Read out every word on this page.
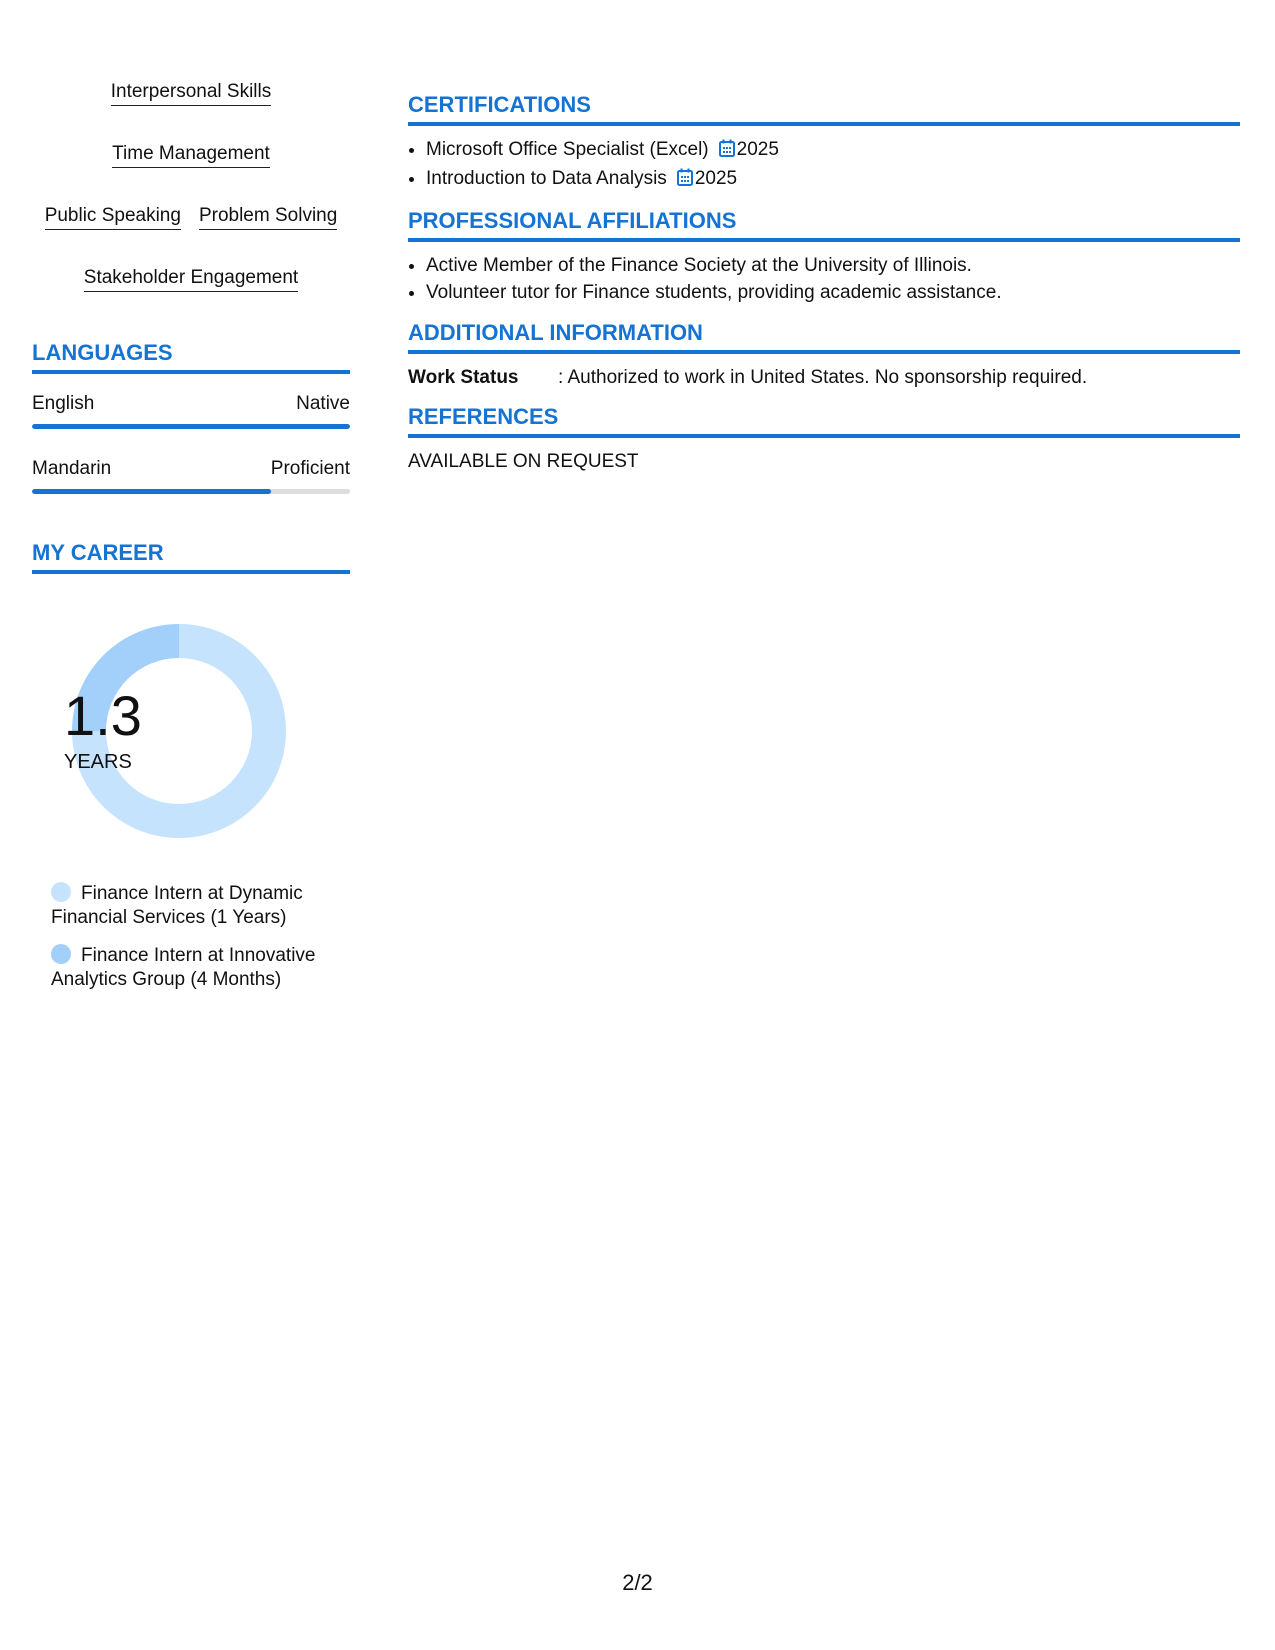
Interpersonal Skills
Time Management
Public Speaking Problem Solving
Stakeholder Engagement
LANGUAGES
English	Native
Mandarin	Proficient
MY CAREER
1.3
YEARS
Finance Intern at Dynamic Financial Services (1 Years)
Finance Intern at Innovative Analytics Group (4 Months)
CERTIFICATIONS
• Microsoft Office Specialist (Excel) 2025
• Introduction to Data Analysis 2025
PROFESSIONAL AFFILIATIONS
• Active Member of the Finance Society at the University of Illinois.
• Volunteer tutor for Finance students, providing academic assistance.
ADDITIONAL INFORMATION
Work Status	: Authorized to work in United States. No sponsorship required.
REFERENCES
AVAILABLE ON REQUEST
2/2
